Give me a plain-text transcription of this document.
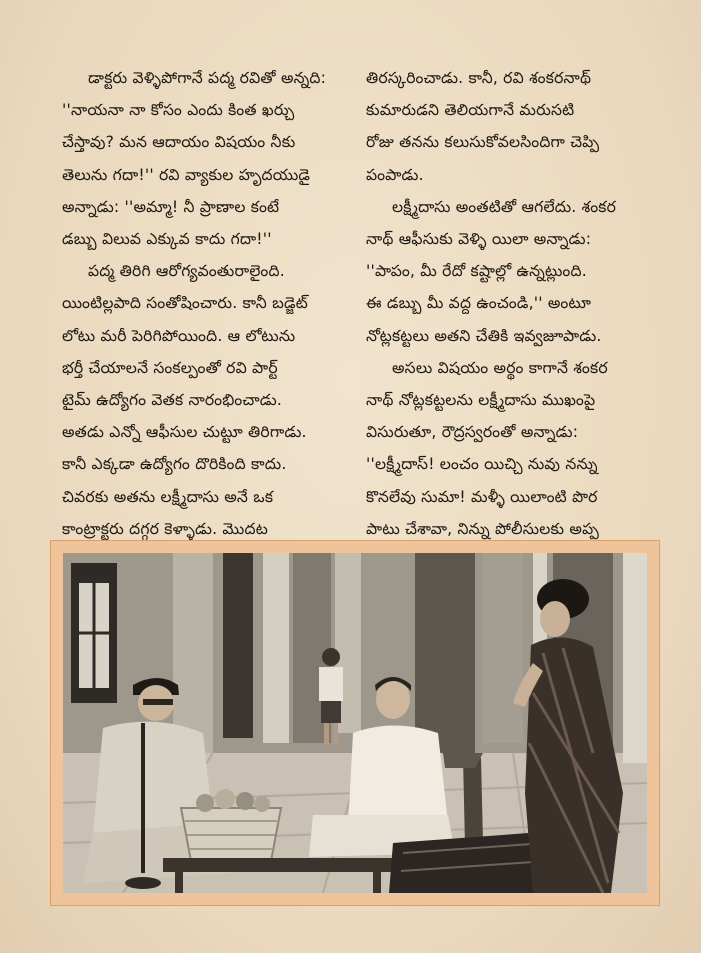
డాక్టరు వెళ్ళిపోగానే పద్మ రవితో అన్నది:
''నాయనా నా కోసం ఎందు కింత ఖర్చు
చేస్తావు? మన ఆదాయం విషయం నీకు
తెలును గదా!'' రవి వ్యాకుల హృదయుడై
అన్నాడు: ''అమ్మా! నీ ప్రాణాల కంటే
డబ్బు విలువ ఎక్కువ కాదు గదా!''

పద్మ తిరిగి ఆరోగ్యవంతురాలైంది.
యింటిల్లపాది సంతోషించారు. కానీ బడ్జెట్
లోటు మరీ పెరిగిపోయింది. ఆ లోటును
భర్తీ చేయాలనే సంకల్పంతో రవి పార్ట్
టైమ్ ఉద్యోగం వెతక నారంభించాడు.
అతడు ఎన్నో ఆఫీసుల చుట్టూ తిరిగాడు.
కానీ ఎక్కడా ఉద్యోగం దొరికింది కాదు.
చివరకు అతను లక్ష్మీదాసు అనే ఒక
కాంట్రాక్టరు దగ్గర కెళ్ళాడు. మొదట

తిరస్కరించాడు. కానీ, రవి శంకరనాథ్
కుమారుడని తెలియగానే మరుసటి
రోజు తనను కలుసుకోవలసిందిగా చెప్పి
పంపాడు.

లక్ష్మీదాసు అంతటితో ఆగలేదు. శంకర
నాథ్ ఆఫీసుకు వెళ్ళి యిలా అన్నాడు:
''పాపం, మీ రేదో కష్టాల్లో ఉన్నట్లుంది.
ఈ డబ్బు మీ వద్ద ఉంచండి,'' అంటూ
నోట్లకట్టలు అతని చేతికి ఇవ్వజూపాడు.

అసలు విషయం అర్థం కాగానే శంకర
నాథ్ నోట్లకట్టలను లక్ష్మీదాసు ముఖంపై
విసురుతూ, రౌద్రస్వరంతో అన్నాడు:
''లక్ష్మీదాస్! లంచం యిచ్చి నువు నన్ను
కొనలేవు సుమా! మళ్ళీ యిలాంటి పొర
పాటు చేశావా, నిన్ను పోలీసులకు అప్ప
